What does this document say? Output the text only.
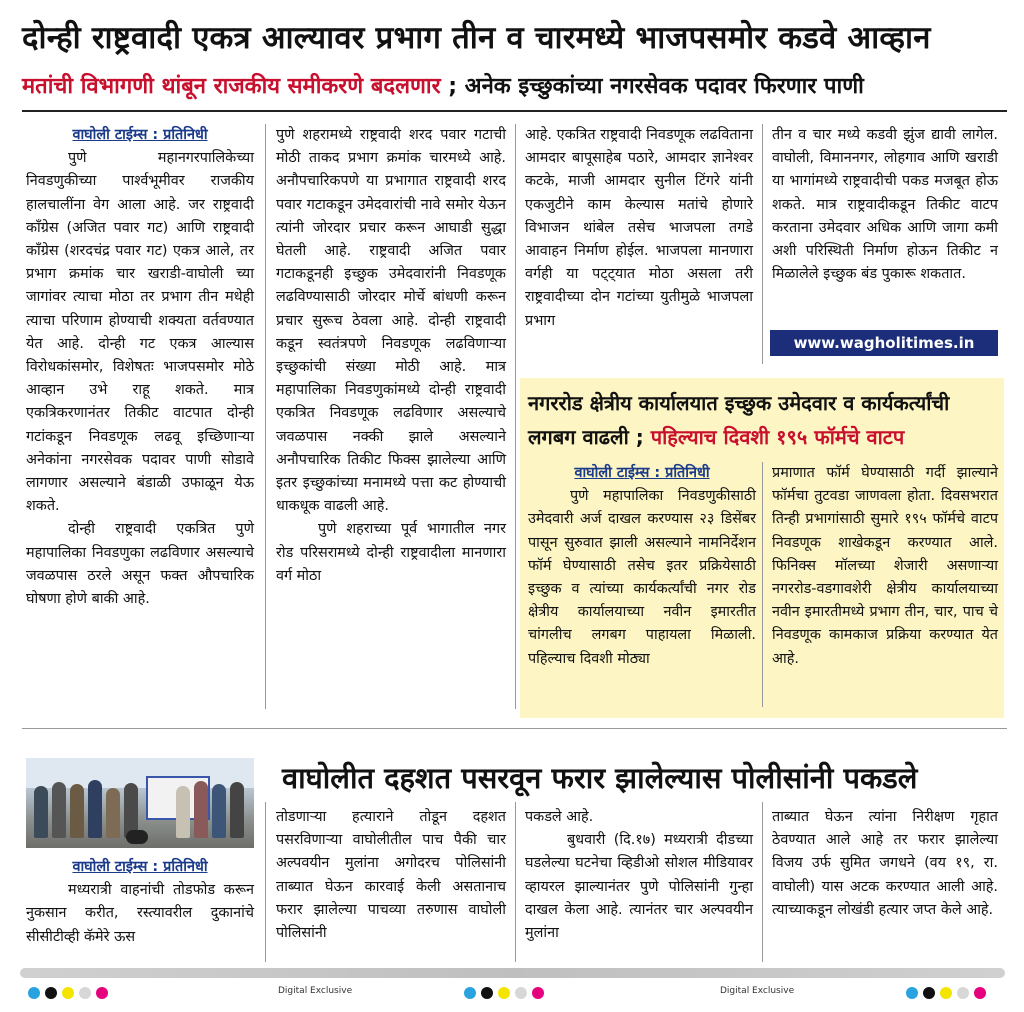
दोन्ही राष्ट्रवादी एकत्र आल्यावर प्रभाग तीन व चारमध्ये भाजपसमोर कडवे आव्हान
मतांची विभागणी थांबून राजकीय समीकरणे बदलणार ; अनेक इच्छुकांच्या नगरसेवक पदावर फिरणार पाणी
वाघोली टाईम्स : प्रतिनिधी

पुणे महानगरपालिकेच्या निवडणुकीच्या पार्श्वभूमीवर राजकीय हालचालींना वेग आला आहे. जर राष्ट्रवादी काँग्रेस (अजित पवार गट) आणि राष्ट्रवादी काँग्रेस (शरदचंद्र पवार गट) एकत्र आले, तर प्रभाग क्रमांक चार खराडी-वाघोली च्या जागांवर त्याचा मोठा तर प्रभाग तीन मधेही त्याचा परिणाम होण्याची शक्यता वर्तवण्यात येत आहे. दोन्ही गट एकत्र आल्यास विरोधकांसमोर, विशेषतः भाजपसमोर मोठे आव्हान उभे राहू शकते. मात्र एकत्रिकरणानंतर तिकीट वाटपात दोन्ही गटांकडून निवडणूक लढवू इच्छिणाऱ्या अनेकांना नगरसेवक पदावर पाणी सोडावे लागणार असल्याने बंडाळी उफाळून येऊ शकते.

दोन्ही राष्ट्रवादी एकत्रित पुणे महापालिका निवडणुका लढविणार असल्याचे जवळपास ठरले असून फक्त औपचारिक घोषणा होणे बाकी आहे.

पुणे शहरामध्ये राष्ट्रवादी शरद पवार गटाची मोठी ताकद प्रभाग क्रमांक चारमध्ये आहे. अनौपचारिकपणे या प्रभागात राष्ट्रवादी शरद पवार गटाकडून उमेदवारांची नावे समोर येऊन त्यांनी जोरदार प्रचार करून आघाडी सुद्धा घेतली आहे. राष्ट्रवादी अजित पवार गटाकडूनही इच्छुक उमेदवारांनी निवडणूक लढविण्यासाठी जोरदार मोर्चे बांधणी करून प्रचार सुरूच ठेवला आहे. दोन्ही राष्ट्रवादी कडून स्वतंत्रपणे निवडणूक लढविणाऱ्या इच्छुकांची संख्या मोठी आहे. मात्र महापालिका निवडणुकांमध्ये दोन्ही राष्ट्रवादी एकत्रित निवडणूक लढविणार असल्याचे जवळपास नक्की झाले असल्याने अनौपचारिक तिकीट फिक्स झालेल्या आणि इतर इच्छुकांच्या मनामध्ये पत्ता कट होण्याची धाकधूक वाढली आहे.

पुणे शहराच्या पूर्व भागातील नगर रोड परिसरामध्ये दोन्ही राष्ट्रवादीला मानणारा वर्ग मोठा

आहे. एकत्रित राष्ट्रवादी निवडणूक लढविताना आमदार बापूसाहेब पठारे, आमदार ज्ञानेश्वर कटके, माजी आमदार सुनील टिंगरे यांनी एकजुटीने काम केल्यास मतांचे होणारे विभाजन थांबेल तसेच भाजपला तगडे आवाहन निर्माण होईल. भाजपला मानणारा वर्गही या पट्ट्यात मोठा असला तरी राष्ट्रवादीच्या दोन गटांच्या युतीमुळे भाजपला प्रभाग

तीन व चार मध्ये कडवी झुंज द्यावी लागेल. वाघोली, विमाननगर, लोहगाव आणि खराडी या भागांमध्ये राष्ट्रवादीची पकड मजबूत होऊ शकते. मात्र राष्ट्रवादीकडून तिकीट वाटप करताना उमेदवार अधिक आणि जागा कमी अशी परिस्थिती निर्माण होऊन तिकीट न मिळालेले इच्छुक बंड पुकारू शकतात.

www.wagholitimes.in
नगररोड क्षेत्रीय कार्यालयात इच्छुक उमेदवार व कार्यकर्त्यांची
लगबग वाढली ; पहिल्याच दिवशी १९५ फॉर्मचे वाटप
वाघोली टाईम्स : प्रतिनिधी

पुणे महापालिका निवडणुकीसाठी उमेदवारी अर्ज दाखल करण्यास २३ डिसेंबर पासून सुरुवात झाली असल्याने नामनिर्देशन फॉर्म घेण्यासाठी तसेच इतर प्रक्रियेसाठी इच्छुक व त्यांच्या कार्यकर्त्यांची नगर रोड क्षेत्रीय कार्यालयाच्या नवीन इमारतीत चांगलीच लगबग पाहायला मिळाली. पहिल्याच दिवशी मोठ्या

प्रमाणात फॉर्म घेण्यासाठी गर्दी झाल्याने फॉर्मचा तुटवडा जाणवला होता. दिवसभरात तिन्ही प्रभागांसाठी सुमारे १९५ फॉर्मचे वाटप निवडणूक शाखेकडून करण्यात आले. फिनिक्स मॉलच्या शेजारी असणाऱ्या नगररोड-वडगावशेरी क्षेत्रीय कार्यालयाच्या नवीन इमारतीमध्ये प्रभाग तीन, चार, पाच चे निवडणूक कामकाज प्रक्रिया करण्यात येत आहे.

वाघोलीत दहशत पसरवून फरार झालेल्यास पोलीसांनी पकडले
वाघोली टाईम्स : प्रतिनिधी

मध्यरात्री वाहनांची तोडफोड करून नुकसान करीत, रस्त्यावरील दुकानांचे सीसीटीव्ही कॅमेरे ऊस

तोडणाऱ्या हत्याराने तोडून दहशत पसरविणाऱ्या वाघोलीतील पाच पैकी चार अल्पवयीन मुलांना अगोदरच पोलिसांनी ताब्यात घेऊन कारवाई केली असतानाच फरार झालेल्या पाचव्या तरुणास वाघोली पोलिसांनी

पकडले आहे.

बुधवारी (दि.१७) मध्यरात्री दीडच्या घडलेल्या घटनेचा व्हिडीओ सोशल मीडियावर व्हायरल झाल्यानंतर पुणे पोलिसांनी गुन्हा दाखल केला आहे. त्यानंतर चार अल्पवयीन मुलांना

ताब्यात घेऊन त्यांना निरीक्षण गृहात ठेवण्यात आले आहे तर फरार झालेल्या विजय उर्फ सुमित जगधने (वय १९, रा. वाघोली) यास अटक करण्यात आली आहे. त्याच्याकडून लोखंडी हत्यार जप्त केले आहे.

Digital Exclusive	Digital Exclusive
